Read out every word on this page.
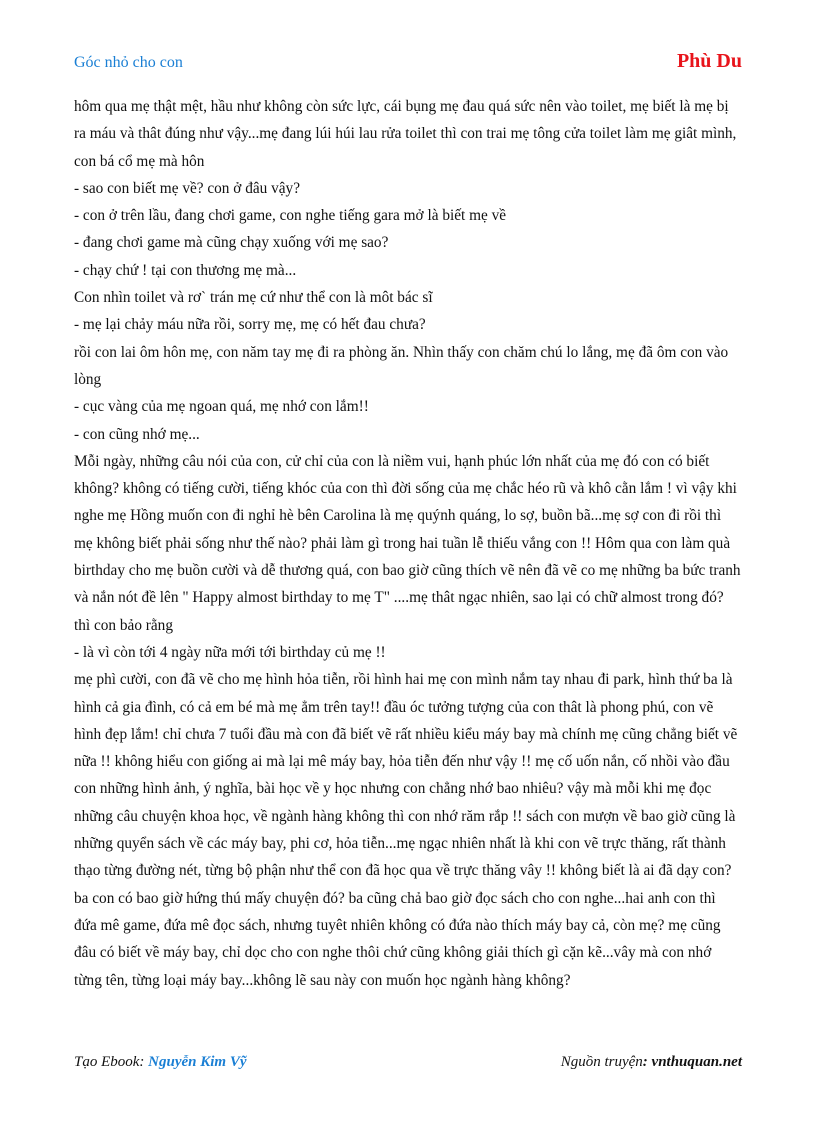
Góc nhỏ cho con	Phù Du

hôm qua mẹ thật mệt, hầu như không còn sức lực, cái bụng mẹ đau quá sức nên vào toilet, mẹ biết là mẹ bị ra máu và thât đúng như vậy...mẹ đang lúi húi lau rửa toilet thì con trai mẹ tông cửa toilet làm mẹ giât mình, con bá cổ mẹ mà hôn

- sao con biết mẹ về? con ở đâu vậy?

- con ở trên lầu, đang chơi game, con nghe tiếng gara mở là biết mẹ về

- đang chơi game mà cũng chạy xuống với mẹ sao?

- chạy chứ ! tại con thương mẹ mà...

Con nhìn toilet và rơ` trán mẹ cứ như thể con là môt bác sĩ

- mẹ lại chảy máu nữa rồi, sorry mẹ, mẹ có hết đau chưa?

rồi con lai ôm hôn mẹ, con năm tay mẹ đi ra phòng ăn. Nhìn thấy con chăm chú lo lắng, mẹ đã ôm con vào lòng

- cục vàng của mẹ ngoan quá, mẹ nhớ con lắm!!

- con cũng nhớ mẹ...

Mỗi ngày, những câu nói của con, cử chỉ của con là niềm vui, hạnh phúc lớn nhất của mẹ đó con có biết không? không có tiếng cười, tiếng khóc của con thì đời sống của mẹ chắc héo rũ và khô cằn lắm ! vì vậy khi nghe mẹ Hồng muốn con đi nghỉ hè bên Carolina là mẹ quýnh quáng, lo sợ, buồn bã...mẹ sợ con đi rồi thì mẹ không biết phải sống như thế nào? phải làm gì trong hai tuần lễ thiếu vắng con !! Hôm qua con làm quà birthday cho mẹ buồn cười và dễ thương quá, con bao giờ cũng thích vẽ nên đã vẽ co mẹ những ba bức tranh và nắn nót đề lên " Happy almost birthday to mẹ T" ....mẹ thât ngạc nhiên, sao lại có chữ almost trong đó? thì con bảo rằng

- là vì còn tới 4 ngày nữa mới tới birthday củ mẹ !!

mẹ phì cười, con đã vẽ cho mẹ hình hỏa tiễn, rồi hình hai mẹ con mình nắm tay nhau đi park, hình thứ ba là hình cả gia đình, có cả em bé mà mẹ ẳm trên tay!! đầu óc tưởng tượng của con thât là phong phú, con vẽ hình đẹp lắm! chỉ chưa 7 tuổi đầu mà con đã biết vẽ rất nhiều kiểu máy bay mà chính mẹ cũng chẳng biết vẽ nữa !! không hiểu con giống ai mà lại mê máy bay, hỏa tiễn đến như vậy !! mẹ cố uốn nắn, cố nhồi vào đầu con những hình ảnh, ý nghĩa, bài học về y học nhưng con chẳng nhớ bao nhiêu? vậy mà mỗi khi mẹ đọc những câu chuyện khoa học, về ngành hàng không thì con nhớ răm rắp !! sách con mượn về bao giờ cũng là những quyển sách về các máy bay, phi cơ, hỏa tiễn...mẹ ngạc nhiên nhất là khi con vẽ trực thăng, rất thành thạo từng đường nét, từng bộ phận như thể con đã học qua về trực thăng vây !! không biết là ai đã dạy con? ba con có bao giờ hứng thú mấy chuyện đó? ba cũng chả bao giờ đọc sách cho con nghe...hai anh con thì đứa mê game, đứa mê đọc sách, nhưng tuyêt nhiên không có đứa nào thích máy bay cả, còn mẹ? mẹ cũng đâu có biết về máy bay, chỉ dọc cho con nghe thôi chứ cũng không giải thích gì cặn kẽ...vây mà con nhớ từng tên, từng loại máy bay...không lẽ sau này con muốn học ngành hàng không?

Tạo Ebook: Nguyễn Kim Vỹ	Nguồn truyện: vnthuquan.net
